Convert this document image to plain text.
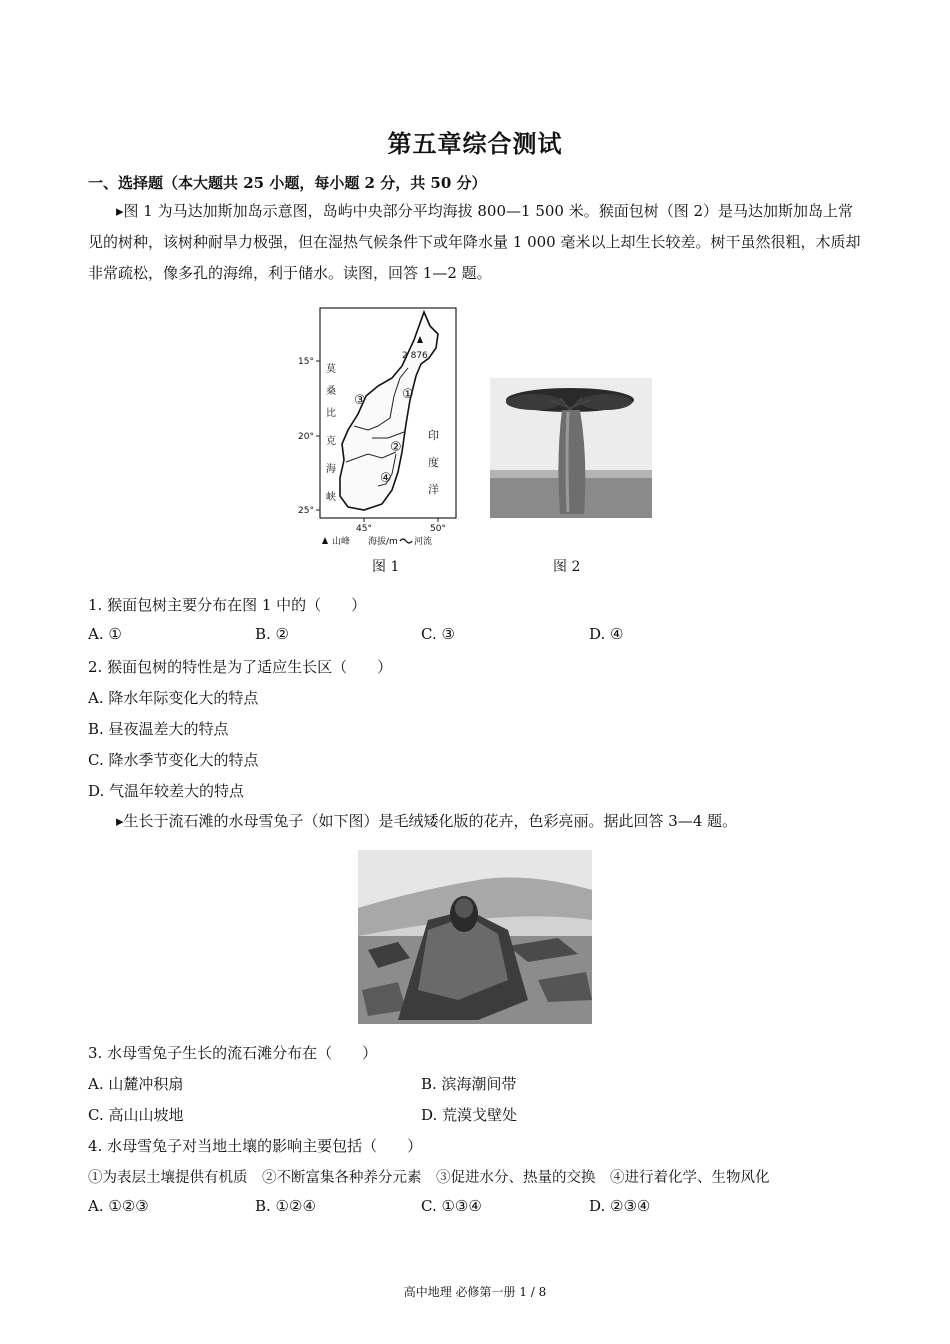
第五章综合测试
一、选择题（本大题共 25 小题，每小题 2 分，共 50 分）
▸图 1 为马达加斯加岛示意图，岛屿中央部分平均海拔 800—1 500 米。猴面包树（图 2）是马达加斯加岛上常见的树种，该树种耐旱力极强，但在湿热气候条件下或年降水量 1 000 毫米以上却生长较差。树干虽然很粗，木质却非常疏松，像多孔的海绵，利于储水。读图，回答 1—2 题。
2 876
15°
20°
25°
45°	50°
莫
桑
比
克
海
峡
印
度
洋
①
②
③
④
山峰 海拔/m 河流
图 1	图 2
1. 猴面包树主要分布在图 1 中的（　　）
A. ①	B. ②	C. ③	D. ④
2. 猴面包树的特性是为了适应生长区（　　）
A. 降水年际变化大的特点
B. 昼夜温差大的特点
C. 降水季节变化大的特点
D. 气温年较差大的特点
▸生长于流石滩的水母雪兔子（如下图）是毛绒矮化版的花卉，色彩亮丽。据此回答 3—4 题。
3. 水母雪兔子生长的流石滩分布在（　　）
A. 山麓冲积扇	B. 滨海潮间带
C. 高山山坡地	D. 荒漠戈壁处
4. 水母雪兔子对当地土壤的影响主要包括（　　）
①为表层土壤提供有机质　②不断富集各种养分元素　③促进水分、热量的交换　④进行着化学、生物风化
A. ①②③	B. ①②④	C. ①③④	D. ②③④
高中地理 必修第一册 1 / 8
